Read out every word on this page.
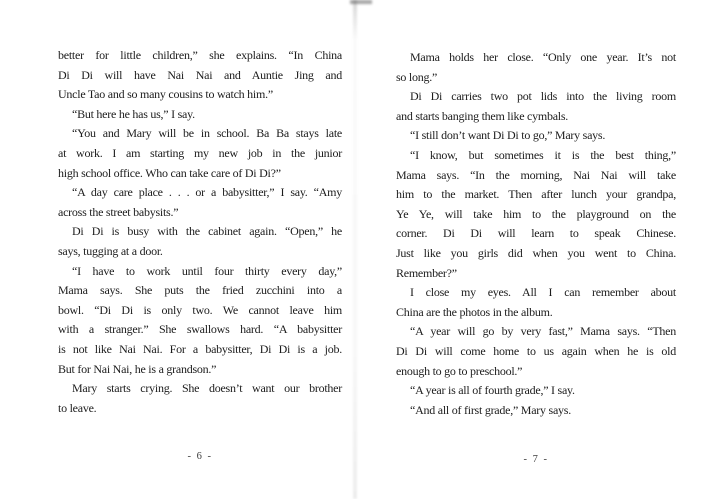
better for little children,” she explains. “In China
Di Di will have Nai Nai and Auntie Jing and
Uncle Tao and so many cousins to watch him.”
“But here he has us,” I say.
“You and Mary will be in school. Ba Ba stays late
at work. I am starting my new job in the junior
high school office. Who can take care of Di Di?”
“A day care place . . . or a babysitter,” I say. “Amy
across the street babysits.”
Di Di is busy with the cabinet again. “Open,” he
says, tugging at a door.
“I have to work until four thirty every day,”
Mama says. She puts the fried zucchini into a
bowl. “Di Di is only two. We cannot leave him
with a stranger.” She swallows hard. “A babysitter
is not like Nai Nai. For a babysitter, Di Di is a job.
But for Nai Nai, he is a grandson.”
Mary starts crying. She doesn’t want our brother
to leave.
- 6 -
Mama holds her close. “Only one year. It’s not
so long.”
Di Di carries two pot lids into the living room
and starts banging them like cymbals.
“I still don’t want Di Di to go,” Mary says.
“I know, but sometimes it is the best thing,”
Mama says. “In the morning, Nai Nai will take
him to the market. Then after lunch your grandpa,
Ye Ye, will take him to the playground on the
corner. Di Di will learn to speak Chinese.
Just like you girls did when you went to China.
Remember?”
I close my eyes. All I can remember about
China are the photos in the album.
“A year will go by very fast,” Mama says. “Then
Di Di will come home to us again when he is old
enough to go to preschool.”
“A year is all of fourth grade,” I say.
“And all of first grade,” Mary says.
- 7 -
